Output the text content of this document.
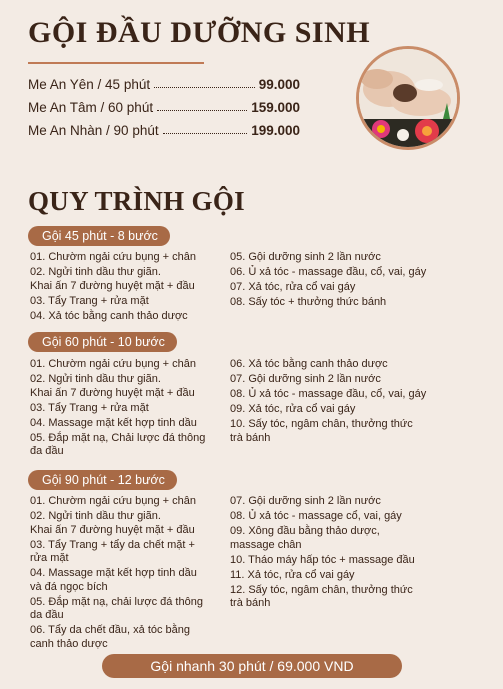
GỘI ĐẦU DƯỠNG SINH
Me An Yên / 45 phút	99.000
Me An Tâm / 60 phút	159.000
Me An Nhàn / 90 phút	199.000
QUY TRÌNH GỘI
Gội 45 phút - 8 bước
01. Chườm ngải cứu bụng + chân
02. Ngửi tinh dầu thư giãn.
Khai ấn 7 đường huyệt mặt + đầu
03. Tẩy Trang + rửa mặt
04. Xả tóc bằng canh thảo dược
05. Gội dưỡng sinh 2 lần nước
06. Ủ xả tóc - massage đầu, cổ, vai, gáy
07. Xả tóc, rửa cổ vai gáy
08. Sấy tóc + thưởng thức bánh
Gội 60 phút - 10 bước
01. Chườm ngải cứu bụng + chân
02. Ngửi tinh dầu thư giãn.
Khai ấn 7 đường huyệt mặt + đầu
03. Tẩy Trang + rửa mặt
04. Massage mặt kết hợp tinh dầu
05. Đắp mặt nạ, Chải lược đá thông
đa đầu
06. Xả tóc bằng canh thảo dược
07. Gội dưỡng sinh 2 lần nước
08. Ủ xả tóc - massage đầu, cổ, vai, gáy
09. Xả tóc, rửa cổ vai gáy
10. Sấy tóc, ngâm chân, thưởng thức
trà bánh
Gội 90 phút - 12 bước
01. Chườm ngải cứu bụng + chân
02. Ngửi tinh dầu thư giãn.
Khai ấn 7 đường huyệt mặt + đầu
03. Tẩy Trang + tẩy da chết mặt +
rửa mặt
04. Massage mặt kết hợp tinh dầu
và đá ngọc bích
05. Đắp mặt nạ, chải lược đá thông
da đầu
06. Tẩy da chết đầu, xả tóc bằng
canh thảo dược
07. Gội dưỡng sinh 2 lần nước
08. Ủ xả tóc - massage cổ, vai, gáy
09. Xông đầu bằng thảo dược,
massage chân
10. Tháo máy hấp tóc + massage đầu
11. Xả tóc, rửa cổ vai gáy
12. Sấy tóc, ngâm chân, thưởng thức
trà bánh
Gội nhanh 30 phút / 69.000 VND
